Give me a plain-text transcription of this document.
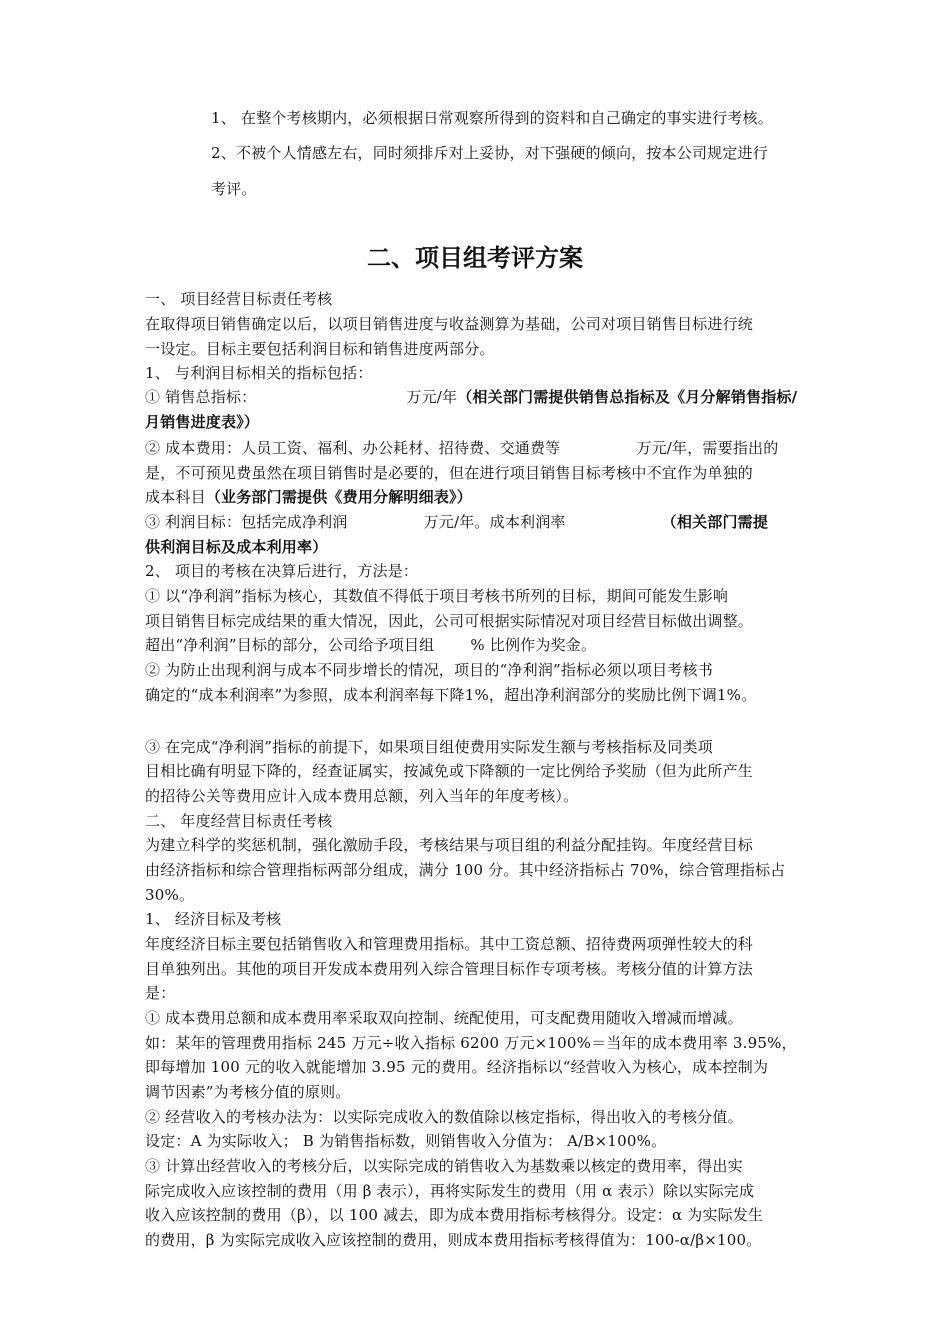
1、 在整个考核期内，必须根据日常观察所得到的资料和自己确定的事实进行考核。
2、不被个人情感左右，同时须排斥对上妥协，对下强硬的倾向，按本公司规定进行
考评。
二、项目组考评方案
一、 项目经营目标责任考核
在取得项目销售确定以后，以项目销售进度与收益测算为基础，公司对项目销售目标进行统
一设定。目标主要包括利润目标和销售进度两部分。
1、 与利润目标相关的指标包括：
① 销售总指标：	万元/年（相关部门需提供销售总指标及《月分解销售指标/
月销售进度表》）
② 成本费用：人员工资、福利、办公耗材、招待费、交通费等	万元/年，需要指出的
是，不可预见费虽然在项目销售时是必要的，但在进行项目销售目标考核中不宜作为单独的
成本科目（业务部门需提供《费用分解明细表》）
③ 利润目标：包括完成净利润	万元/年。成本利润率	（相关部门需提
供利润目标及成本利用率）
2、 项目的考核在决算后进行，方法是：
① 以“净利润”指标为核心，其数值不得低于项目考核书所列的目标，期间可能发生影响
项目销售目标完成结果的重大情况，因此，公司可根据实际情况对项目经营目标做出调整。
超出“净利润”目标的部分，公司给予项目组 % 比例作为奖金。
② 为防止出现利润与成本不同步增长的情况，项目的“净利润”指标必须以项目考核书
确定的“成本利润率”为参照，成本利润率每下降1%，超出净利润部分的奖励比例下调1%。
③ 在完成“净利润”指标的前提下，如果项目组使费用实际发生额与考核指标及同类项
目相比确有明显下降的，经查证属实，按减免或下降额的一定比例给予奖励（但为此所产生
的招待公关等费用应计入成本费用总额，列入当年的年度考核）。
二、 年度经营目标责任考核
为建立科学的奖惩机制，强化激励手段，考核结果与项目组的利益分配挂钩。年度经营目标
由经济指标和综合管理指标两部分组成，满分 100 分。其中经济指标占 70%，综合管理指标占
30%。
1、 经济目标及考核
年度经济目标主要包括销售收入和管理费用指标。其中工资总额、招待费两项弹性较大的科
目单独列出。其他的项目开发成本费用列入综合管理目标作专项考核。考核分值的计算方法
是：
① 成本费用总额和成本费用率采取双向控制、统配使用，可支配费用随收入增减而增减。
如：某年的管理费用指标 245 万元÷收入指标 6200 万元×100%＝当年的成本费用率 3.95%，
即每增加 100 元的收入就能增加 3.95 元的费用。经济指标以“经营收入为核心，成本控制为
调节因素”为考核分值的原则。
② 经营收入的考核办法为：以实际完成收入的数值除以核定指标，得出收入的考核分值。
设定：A 为实际收入； B 为销售指标数，则销售收入分值为： A/B×100%。
③ 计算出经营收入的考核分后，以实际完成的销售收入为基数乘以核定的费用率，得出实
际完成收入应该控制的费用（用 β 表示），再将实际发生的费用（用 α 表示）除以实际完成
收入应该控制的费用（β），以 100 减去，即为成本费用指标考核得分。设定：α 为实际发生
的费用，β 为实际完成收入应该控制的费用，则成本费用指标考核得值为：100-α/β×100。
